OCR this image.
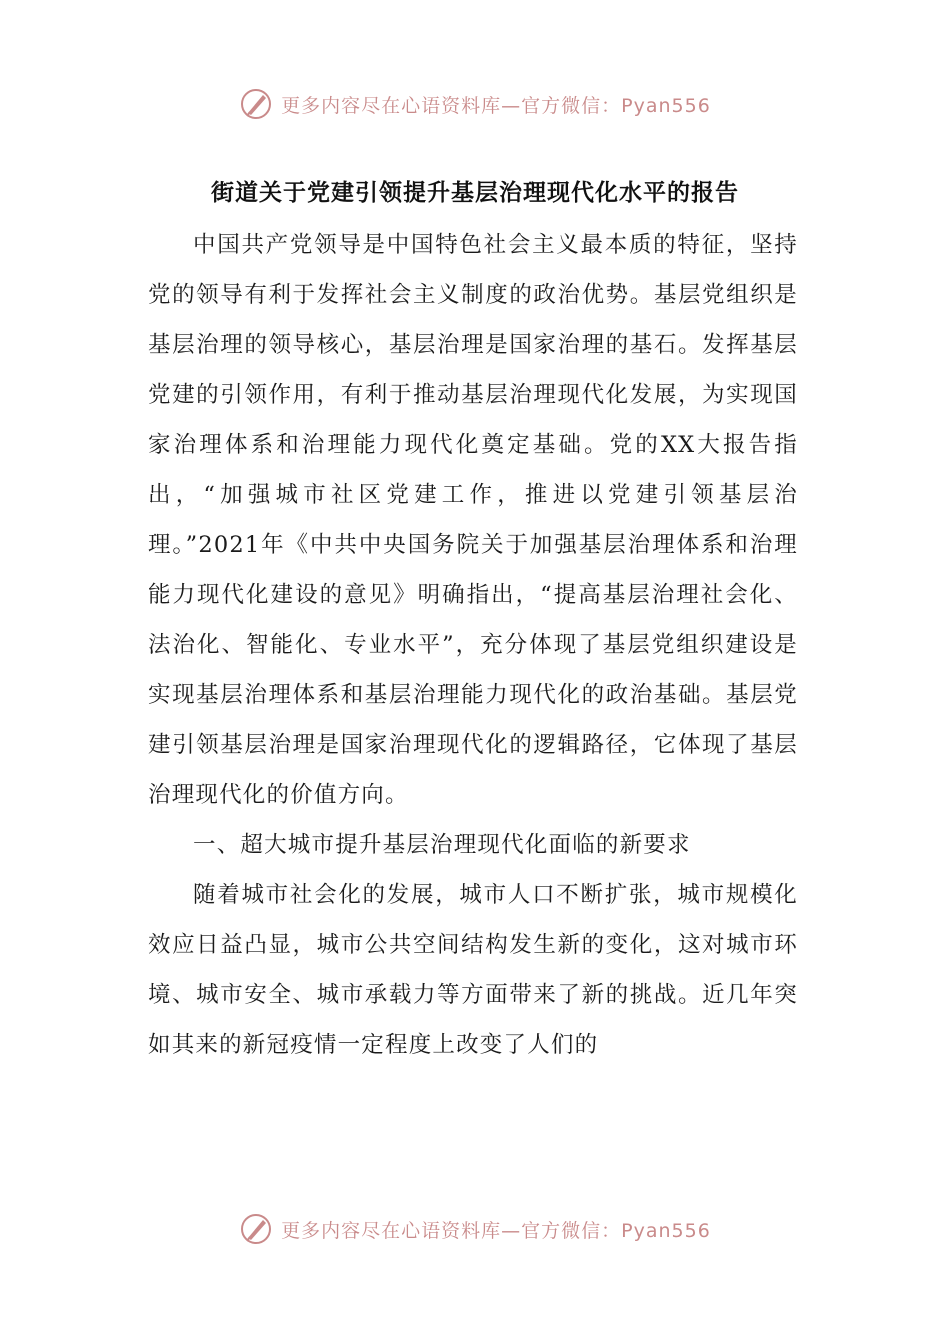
更多内容尽在心语资料库—官方微信：Pyan556
街道关于党建引领提升基层治理现代化水平的报告

中国共产党领导是中国特色社会主义最本质的特征，坚持党的领导有利于发挥社会主义制度的政治优势。基层党组织是基层治理的领导核心，基层治理是国家治理的基石。发挥基层党建的引领作用，有利于推动基层治理现代化发展，为实现国家治理体系和治理能力现代化奠定基础。党的XX大报告指出，“加强城市社区党建工作，推进以党建引领基层治理。”2021年《中共中央国务院关于加强基层治理体系和治理能力现代化建设的意见》明确指出，“提高基层治理社会化、法治化、智能化、专业水平”，充分体现了基层党组织建设是实现基层治理体系和基层治理能力现代化的政治基础。基层党建引领基层治理是国家治理现代化的逻辑路径，它体现了基层治理现代化的价值方向。

一、超大城市提升基层治理现代化面临的新要求

随着城市社会化的发展，城市人口不断扩张，城市规模化效应日益凸显，城市公共空间结构发生新的变化，这对城市环境、城市安全、城市承载力等方面带来了新的挑战。近几年突如其来的新冠疫情一定程度上改变了人们的

更多内容尽在心语资料库—官方微信：Pyan556
